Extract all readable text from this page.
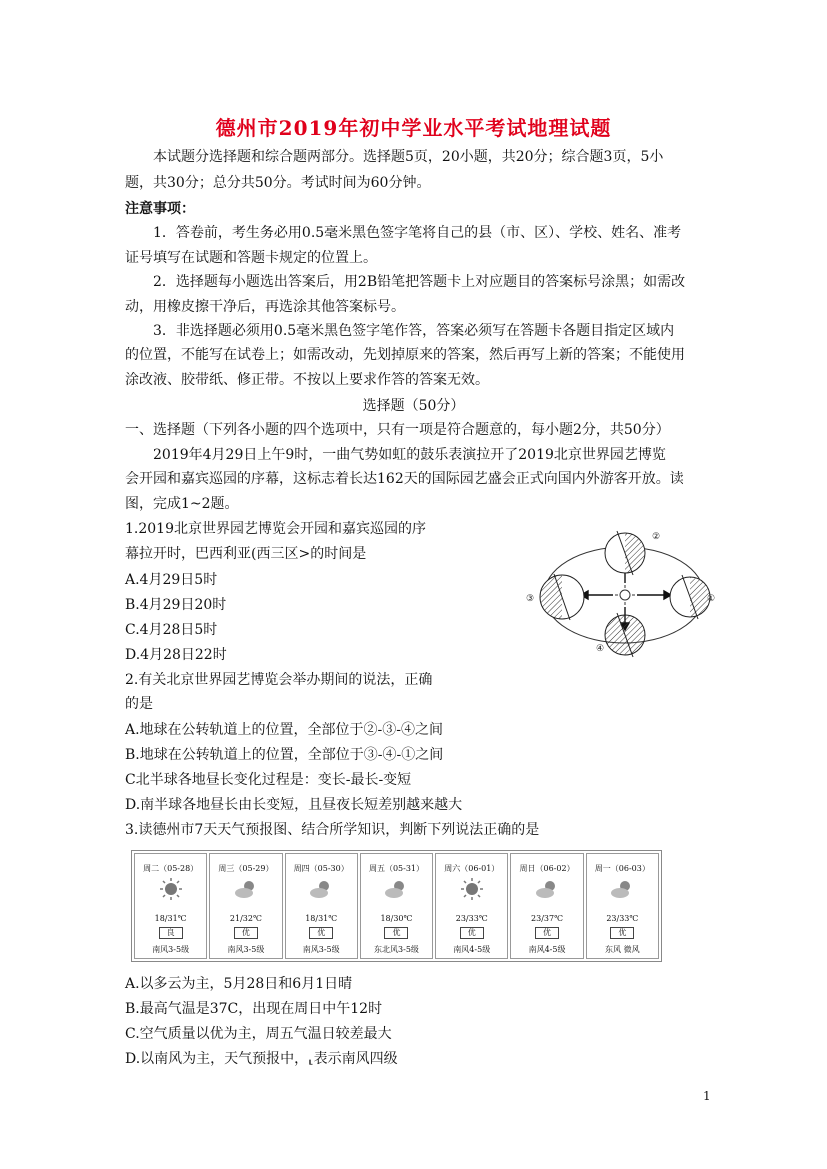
德州市2019年初中学业水平考试地理试题
本试题分选择题和综合题两部分。选择题5页，20小题，共20分；综合题3页，5小
题，共30分；总分共50分。考试时间为60分钟。
注意事项：
1．答卷前，考生务必用0.5毫米黑色签字笔将自己的县（市、区）、学校、姓名、准考
证号填写在试题和答题卡规定的位置上。
2．选择题每小题选出答案后，用2B铅笔把答题卡上对应题目的答案标号涂黑；如需改
动，用橡皮擦干净后，再选涂其他答案标号。
3．非选择题必须用0.5毫米黑色签字笔作答，答案必须写在答题卡各题目指定区域内
的位置，不能写在试卷上；如需改动，先划掉原来的答案，然后再写上新的答案；不能使用
涂改液、胶带纸、修正带。不按以上要求作答的答案无效。
选择题（50分）
一、选择题（下列各小题的四个选项中，只有一项是符合题意的，每小题2分，共50分）
2019年4月29日上午9时，一曲气势如虹的鼓乐表演拉开了2019北京世界园艺博览
会开园和嘉宾巡园的序幕，这标志着长达162天的国际园艺盛会正式向国内外游客开放。读
图，完成1~2题。
1.2019北京世界园艺博览会开园和嘉宾巡园的序
幕拉开时，巴西利亚(西三区>的时间是
A.4月29日5时
B.4月29日20时
C.4月28日5时
D.4月28日22时
②
③	①
④
2.有关北京世界园艺博览会举办期间的说法，正确
的是
A.地球在公转轨道上的位置，全部位于②-③-④之间
B.地球在公转轨道上的位置，全部位于③-④-①之间
C北半球各地昼长变化过程是：变长-最长-变短
D.南半球各地昼长由长变短，且昼夜长短差别越来越大
3.读德州市7天天气预报图、结合所学知识，判断下列说法正确的是
周二（05-28）
18/31℃
良
南风3-5级
周三（05-29）
21/32℃
优
南风3-5级
周四（05-30）
18/31℃
优
南风3-5级
周五（05-31）
18/30℃
优
东北风3-5级
周六（06-01）
23/33℃
优
南风4-5级
周日（06-02）
23/37℃
优
南风4-5级
周一（06-03）
23/33℃
优
东风 微风
A.以多云为主，5月28日和6月1日晴
B.最高气温是37C，出现在周日中午12时
C.空气质量以优为主，周五气温日较差最大
D.以南风为主，天气预报中，⸤表示南风四级
1
